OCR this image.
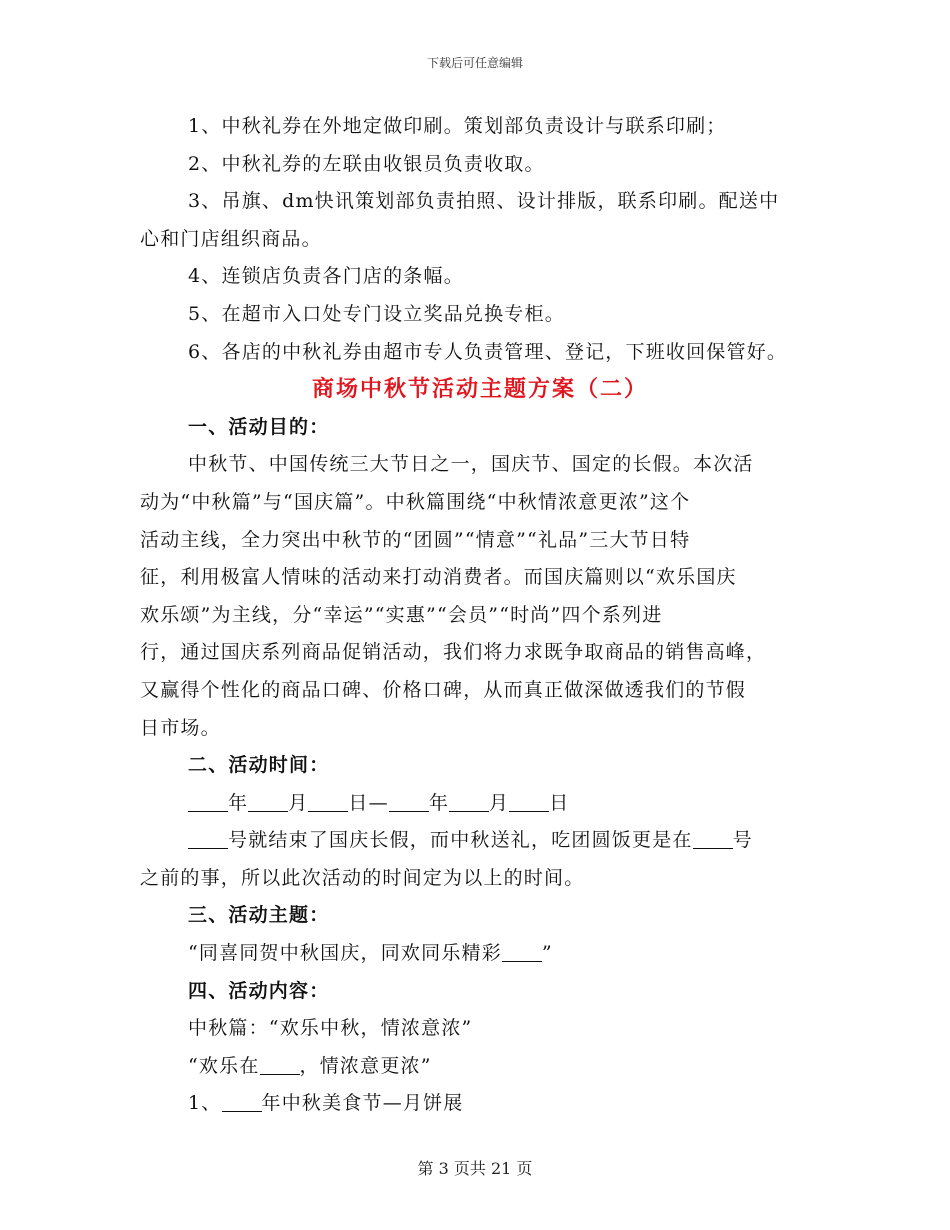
下载后可任意编辑
1、中秋礼券在外地定做印刷。策划部负责设计与联系印刷；
2、中秋礼券的左联由收银员负责收取。
3、吊旗、dm快讯策划部负责拍照、设计排版，联系印刷。配送中
心和门店组织商品。
4、连锁店负责各门店的条幅。
5、在超市入口处专门设立奖品兑换专柜。
6、各店的中秋礼券由超市专人负责管理、登记，下班收回保管好。
商场中秋节活动主题方案（二）
一、活动目的：
中秋节、中国传统三大节日之一，国庆节、国定的长假。本次活
动为“中秋篇”与“国庆篇”。中秋篇围绕“中秋情浓意更浓”这个
活动主线，全力突出中秋节的“团圆”“情意”“礼品”三大节日特
征，利用极富人情味的活动来打动消费者。而国庆篇则以“欢乐国庆
欢乐颂”为主线，分“幸运”“实惠”“会员”“时尚”四个系列进
行，通过国庆系列商品促销活动，我们将力求既争取商品的销售高峰，
又赢得个性化的商品口碑、价格口碑，从而真正做深做透我们的节假
日市场。
二、活动时间：
年 月 日— 年 月 日
号就结束了国庆长假，而中秋送礼，吃团圆饭更是在 号
之前的事，所以此次活动的时间定为以上的时间。
三、活动主题：
“同喜同贺中秋国庆，同欢同乐精彩 ”
四、活动内容：
中秋篇：“欢乐中秋，情浓意浓”
“欢乐在 ，情浓意更浓”
1、 年中秋美食节—月饼展
第 3 页共 21 页
